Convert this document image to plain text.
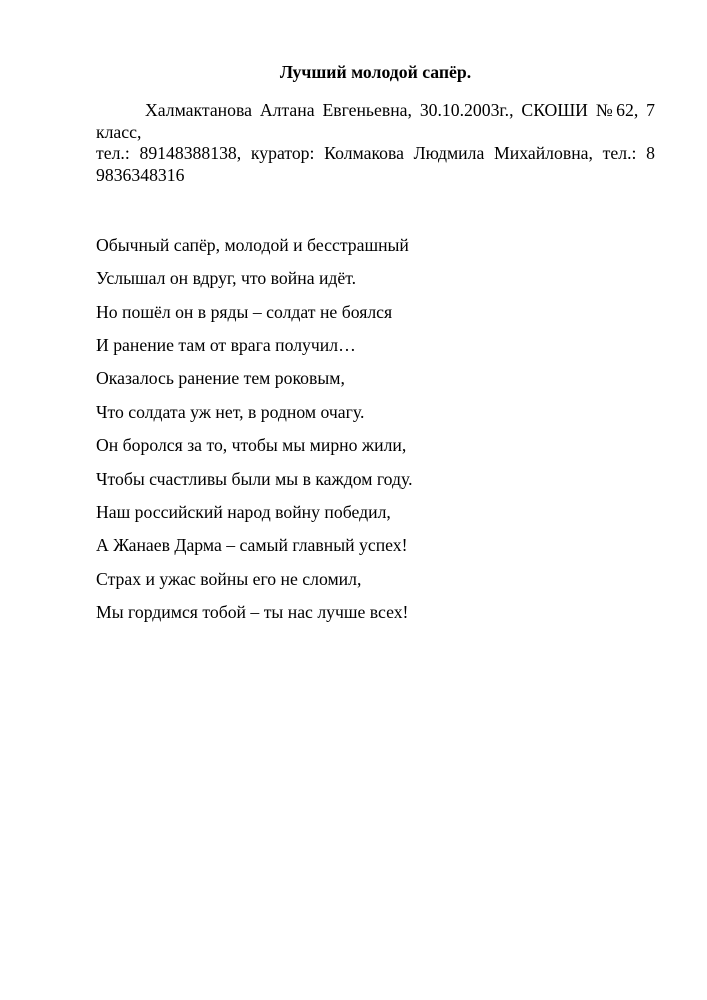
Лучший молодой сапёр.
Халмактанова Алтана Евгеньевна, 30.10.2003г., СКОШИ №62, 7 класс,
тел.: 89148388138, куратор: Колмакова Людмила Михайловна, тел.: 8
9836348316
Обычный сапёр, молодой и бесстрашный
Услышал он вдруг, что война идёт.
Но пошёл он в ряды – солдат не боялся
И ранение там от врага получил…
Оказалось ранение тем роковым,
Что солдата уж нет, в родном очагу.
Он боролся за то, чтобы мы мирно жили,
Чтобы счастливы были мы в каждом году.
Наш российский народ войну победил,
А Жанаев Дарма – самый главный успех!
Страх и ужас войны его не сломил,
Мы гордимся тобой – ты нас лучше всех!
